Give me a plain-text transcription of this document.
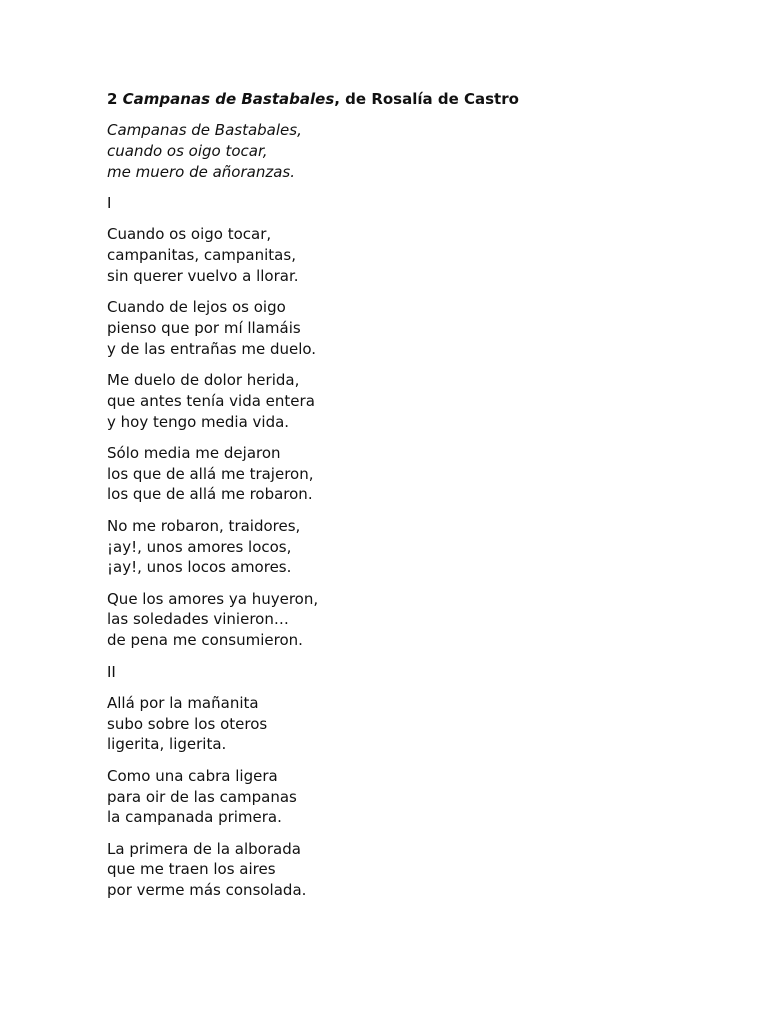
2 Campanas de Bastabales, de Rosalía de Castro
Campanas de Bastabales,
cuando os oigo tocar,
me muero de añoranzas.
I
Cuando os oigo tocar,
campanitas, campanitas,
sin querer vuelvo a llorar.
Cuando de lejos os oigo
pienso que por mí llamáis
y de las entrañas me duelo.
Me duelo de dolor herida,
que antes tenía vida entera
y hoy tengo media vida.
Sólo media me dejaron
los que de allá me trajeron,
los que de allá me robaron.
No me robaron, traidores,
¡ay!, unos amores locos,
¡ay!, unos locos amores.
Que los amores ya huyeron,
las soledades vinieron…
de pena me consumieron.
II
Allá por la mañanita
subo sobre los oteros
ligerita, ligerita.
Como una cabra ligera
para oir de las campanas
la campanada primera.
La primera de la alborada
que me traen los aires
por verme más consolada.
